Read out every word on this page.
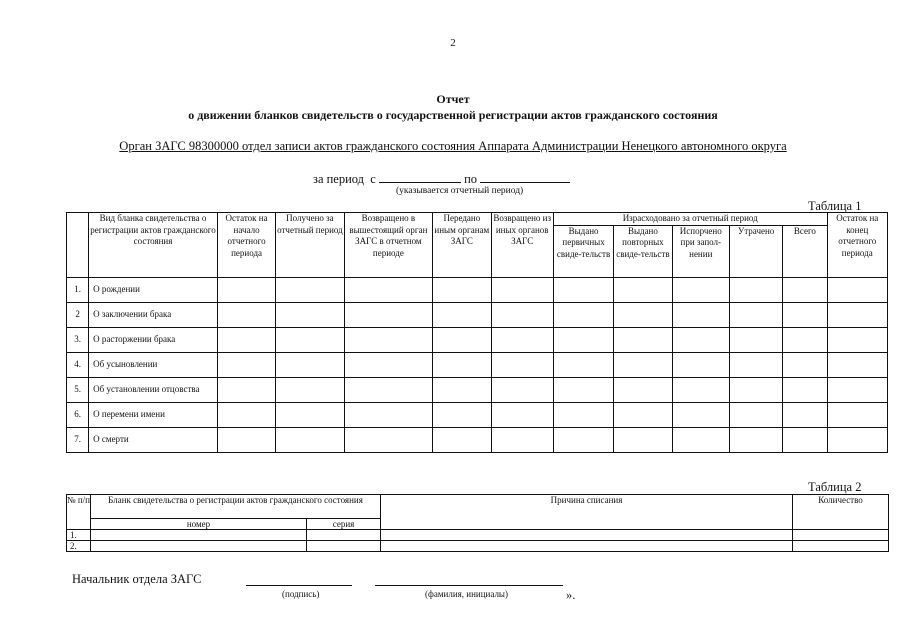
2
Отчет
о движении бланков свидетельств о государственной регистрации актов гражданского состояния
Орган ЗАГС 98300000 отдел записи актов гражданского состояния Аппарата Администрации Ненецкого автономного округа
за период с	по
(указывается отчетный период)
Таблица 1
	Вид бланка свидетельства о регистрации актов гражданского состояния	Остаток на начало отчетного периода	Получено за отчетный период	Возвращено в вышестоящий орган ЗАГС в отчетном периоде	Передано иным органам ЗАГС	Возвращено из иных органов ЗАГС	Израсходовано за отчетный период					Остаток на конец отчетного периода
							Выдано первичных свиде-тельств	Выдано повторных свиде-тельств	Испорчено при запол-нении	Утрачено	Всего	
1.	О рождении											
2	О заключении брака											
3.	О расторжении брака											
4.	Об усыновлении											
5.	Об установлении отцовства											
6.	О перемени имени											
7.	О смерти											
Таблица 2
№ п/п	Бланк свидетельства о регистрации актов гражданского состояния		Причина списания	Количество
	номер	серия		
1.				
2.				
Начальник отдела ЗАГС
(подпись)	(фамилия, инициалы)	».
